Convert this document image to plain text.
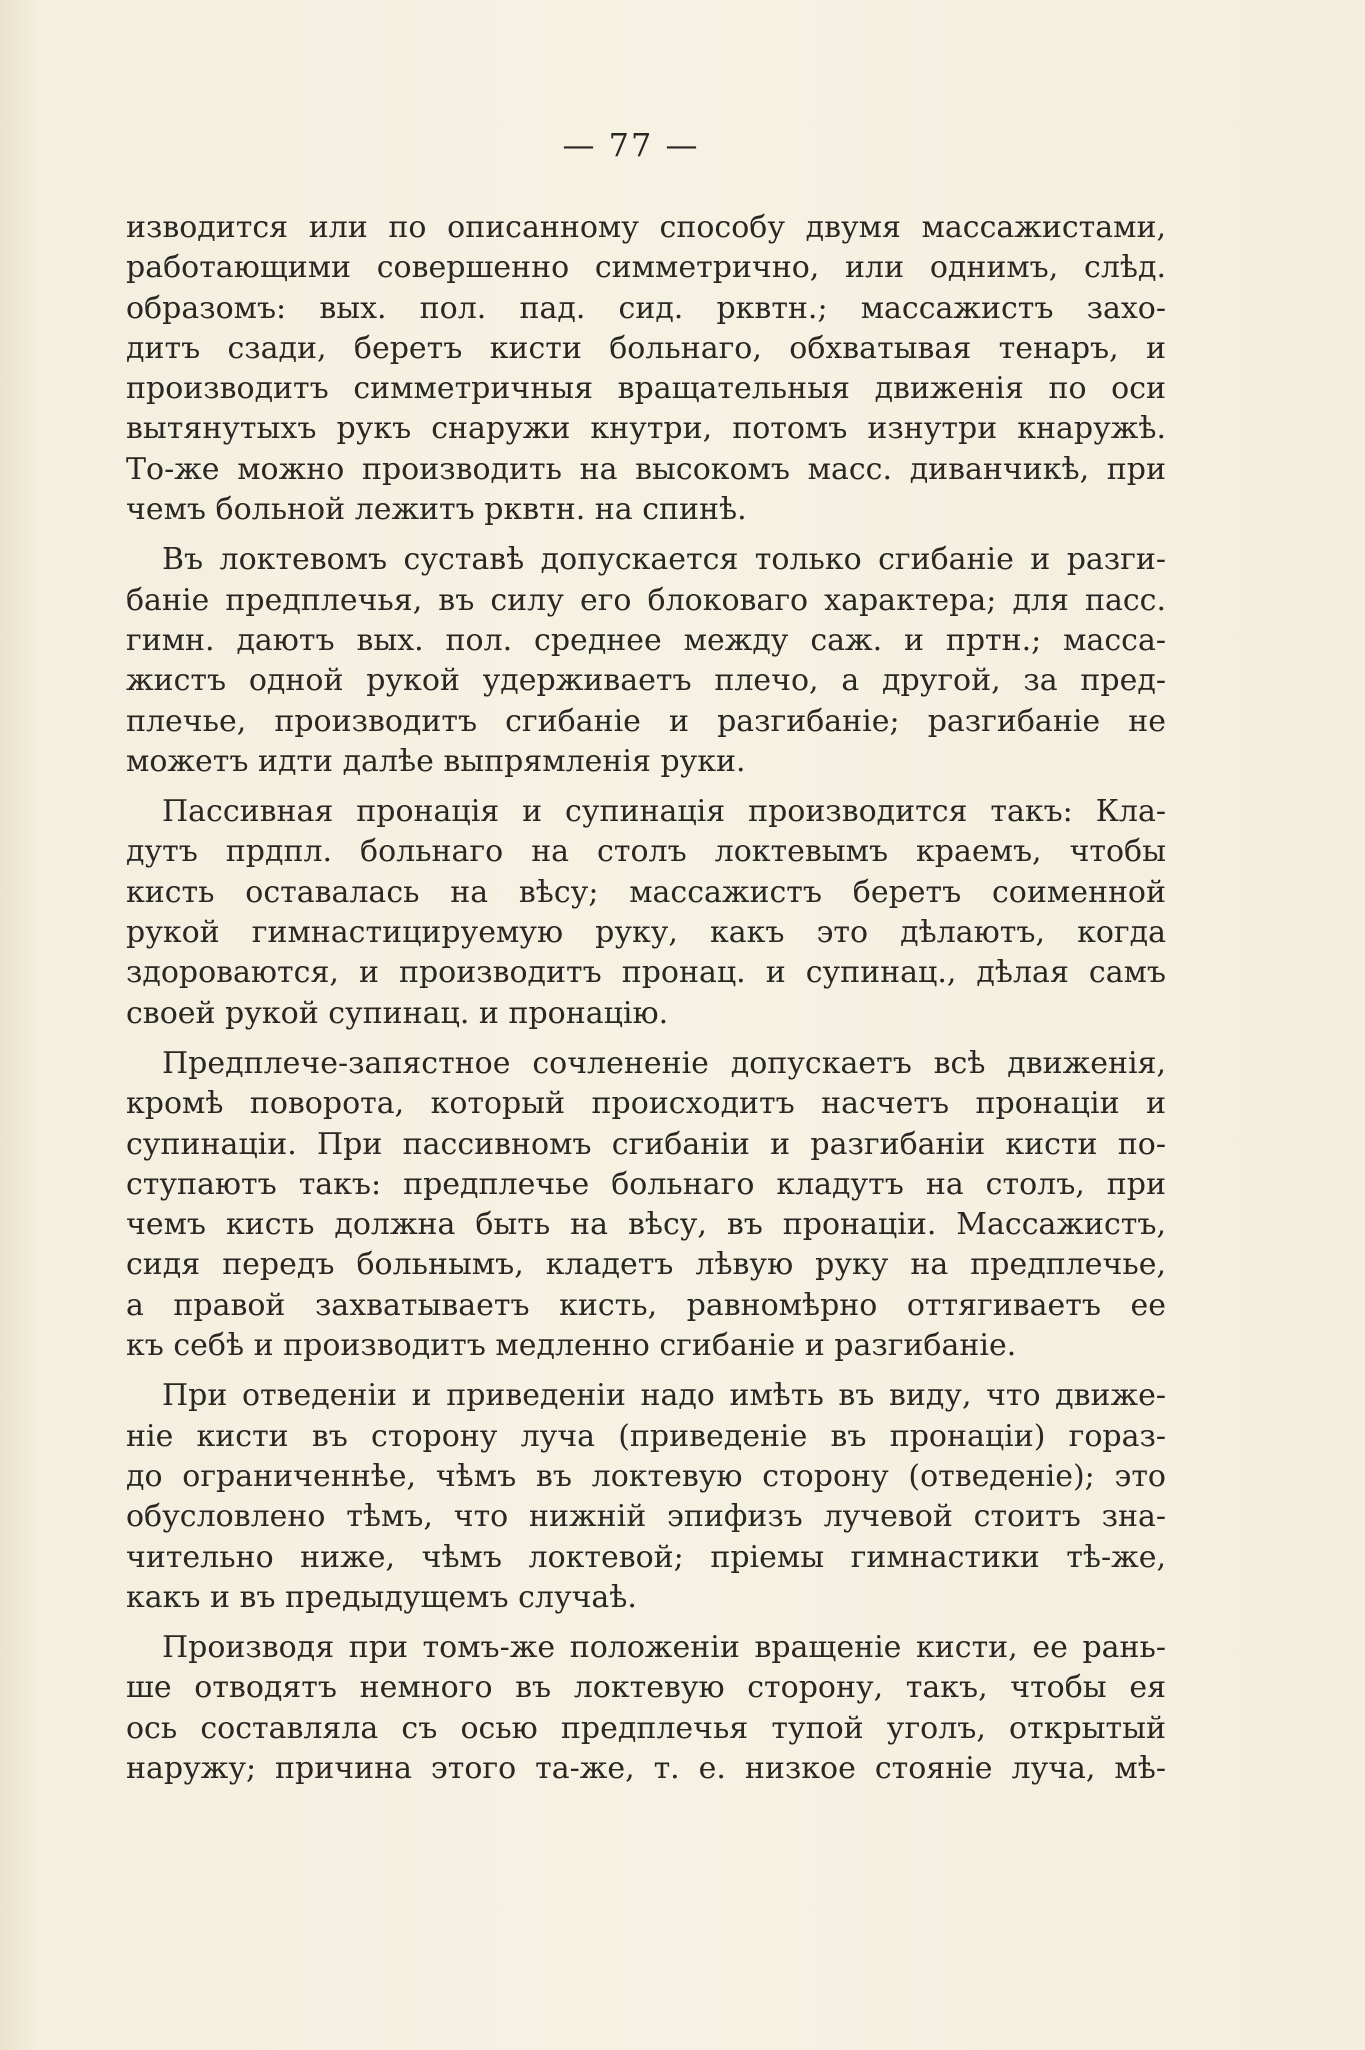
— 77 —
изводится или по описанному способу двумя массажистами,
работающими совершенно симметрично, или однимъ, слѣд.
образомъ: вых. пол. пад. сид. рквтн.; массажистъ захо-
дитъ сзади, беретъ кисти больнаго, обхватывая тенаръ, и
производитъ симметричныя вращательныя движенія по оси
вытянутыхъ рукъ снаружи кнутри, потомъ изнутри кнаружѣ.
То-же можно производить на высокомъ масс. диванчикѣ, при
чемъ больной лежитъ рквтн. на спинѣ.
Въ локтевомъ суставѣ допускается только сгибаніе и разги-
баніе предплечья, въ силу его блоковаго характера; для пасс.
гимн. даютъ вых. пол. среднее между саж. и пртн.; масса-
жистъ одной рукой удерживаетъ плечо, а другой, за пред-
плечье, производитъ сгибаніе и разгибаніе; разгибаніе не
можетъ идти далѣе выпрямленія руки.
Пассивная пронація и супинація производится такъ: Кла-
дутъ прдпл. больнаго на столъ локтевымъ краемъ, чтобы
кисть оставалась на вѣсу; массажистъ беретъ соименной
рукой гимнастицируемую руку, какъ это дѣлаютъ, когда
здороваются, и производитъ пронац. и супинац., дѣлая самъ
своей рукой супинац. и пронацію.
Предплече-запястное сочлененіе допускаетъ всѣ движенія,
кромѣ поворота, который происходитъ насчетъ пронаціи и
супинаціи. При пассивномъ сгибаніи и разгибаніи кисти по-
ступаютъ такъ: предплечье больнаго кладутъ на столъ, при
чемъ кисть должна быть на вѣсу, въ пронаціи. Массажистъ,
сидя передъ больнымъ, кладетъ лѣвую руку на предплечье,
а правой захватываетъ кисть, равномѣрно оттягиваетъ ее
къ себѣ и производитъ медленно сгибаніе и разгибаніе.
При отведеніи и приведеніи надо имѣть въ виду, что движе-
ніе кисти въ сторону луча (приведеніе въ пронаціи) гораз-
до ограниченнѣе, чѣмъ въ локтевую сторону (отведеніе); это
обусловлено тѣмъ, что нижній эпифизъ лучевой стоитъ зна-
чительно ниже, чѣмъ локтевой; пріемы гимнастики тѣ-же,
какъ и въ предыдущемъ случаѣ.
Производя при томъ-же положеніи вращеніе кисти, ее рань-
ше отводятъ немного въ локтевую сторону, такъ, чтобы ея
ось составляла съ осью предплечья тупой уголъ, открытый
наружу; причина этого та-же, т. е. низкое стояніе луча, мѣ-
